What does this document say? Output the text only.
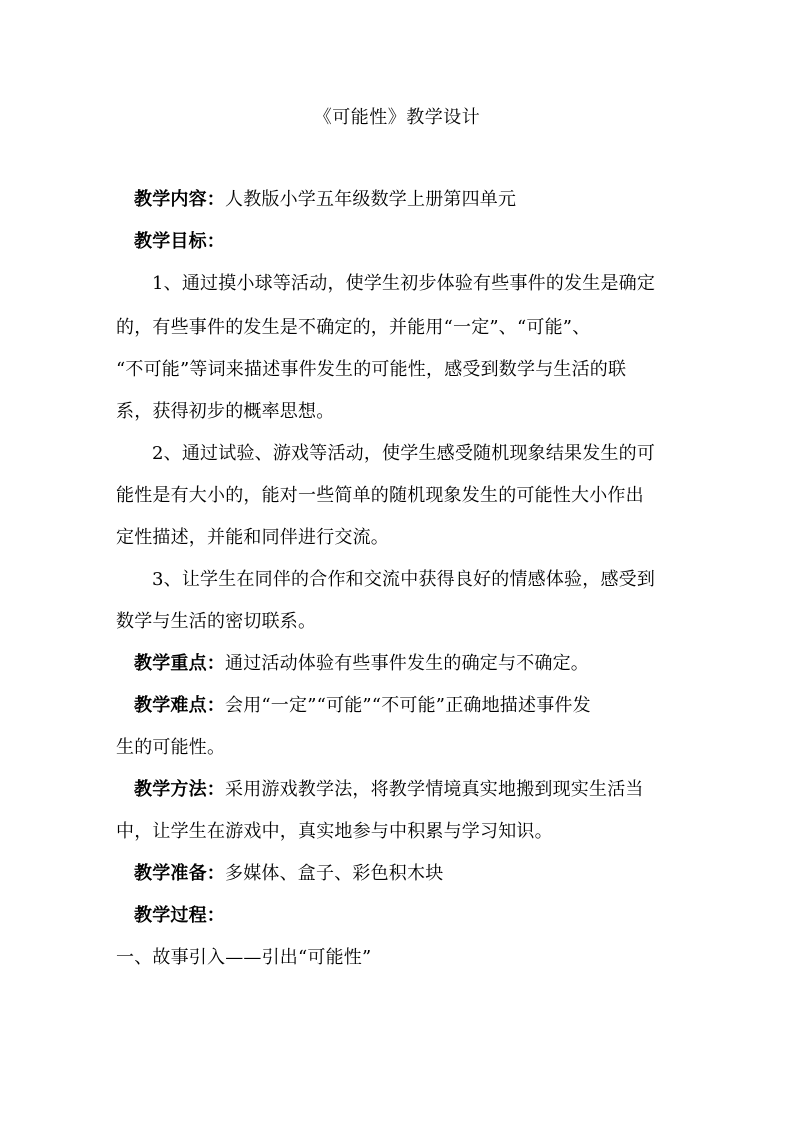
《可能性》教学设计

教学内容：人教版小学五年级数学上册第四单元

教学目标：

1、通过摸小球等活动，使学生初步体验有些事件的发生是确定

的，有些事件的发生是不确定的，并能用“一定”、“可能”、

“不可能”等词来描述事件发生的可能性，感受到数学与生活的联

系，获得初步的概率思想。

2、通过试验、游戏等活动，使学生感受随机现象结果发生的可

能性是有大小的，能对一些简单的随机现象发生的可能性大小作出

定性描述，并能和同伴进行交流。

3、让学生在同伴的合作和交流中获得良好的情感体验，感受到

数学与生活的密切联系。

教学重点：通过活动体验有些事件发生的确定与不确定。

教学难点：会用“一定”“可能”“不可能”正确地描述事件发

生的可能性。

教学方法：采用游戏教学法，将教学情境真实地搬到现实生活当

中，让学生在游戏中，真实地参与中积累与学习知识。

教学准备：多媒体、盒子、彩色积木块

教学过程：

一、故事引入——引出“可能性”
